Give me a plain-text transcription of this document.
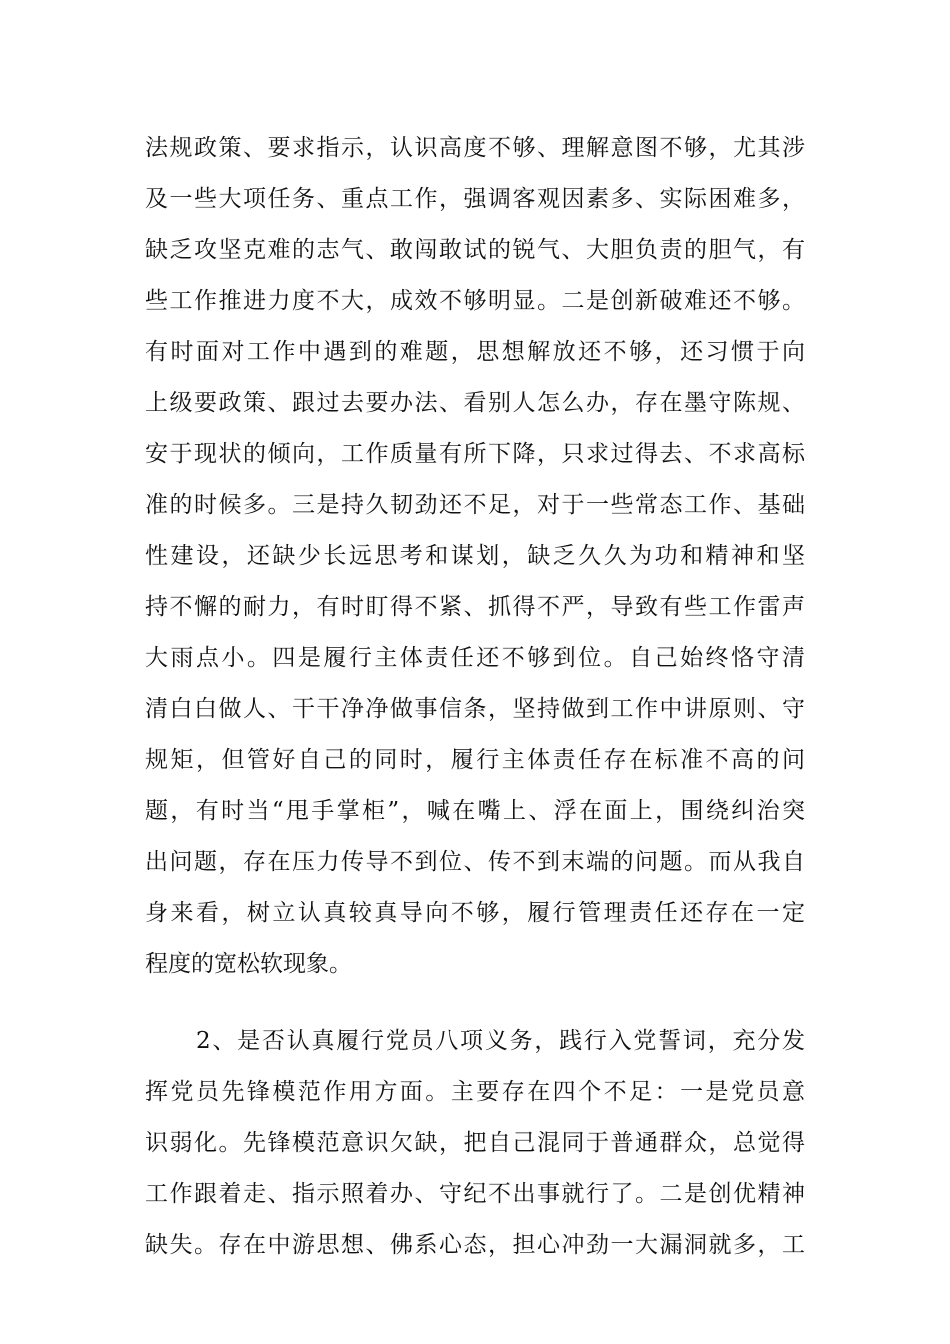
法规政策、要求指示，认识高度不够、理解意图不够，尤其涉
及一些大项任务、重点工作，强调客观因素多、实际困难多，
缺乏攻坚克难的志气、敢闯敢试的锐气、大胆负责的胆气，有
些工作推进力度不大，成效不够明显。二是创新破难还不够。
有时面对工作中遇到的难题，思想解放还不够，还习惯于向
上级要政策、跟过去要办法、看别人怎么办，存在墨守陈规、
安于现状的倾向，工作质量有所下降，只求过得去、不求高标
准的时候多。三是持久韧劲还不足，对于一些常态工作、基础
性建设，还缺少长远思考和谋划，缺乏久久为功和精神和坚
持不懈的耐力，有时盯得不紧、抓得不严，导致有些工作雷声
大雨点小。四是履行主体责任还不够到位。自己始终恪守清
清白白做人、干干净净做事信条，坚持做到工作中讲原则、守
规矩，但管好自己的同时，履行主体责任存在标准不高的问
题，有时当“甩手掌柜”，喊在嘴上、浮在面上，围绕纠治突
出问题，存在压力传导不到位、传不到末端的问题。而从我自
身来看，树立认真较真导向不够，履行管理责任还存在一定
程度的宽松软现象。
2、是否认真履行党员八项义务，践行入党誓词，充分发
挥党员先锋模范作用方面。主要存在四个不足：一是党员意
识弱化。先锋模范意识欠缺，把自己混同于普通群众，总觉得
工作跟着走、指示照着办、守纪不出事就行了。二是创优精神
缺失。存在中游思想、佛系心态，担心冲劲一大漏洞就多，工
